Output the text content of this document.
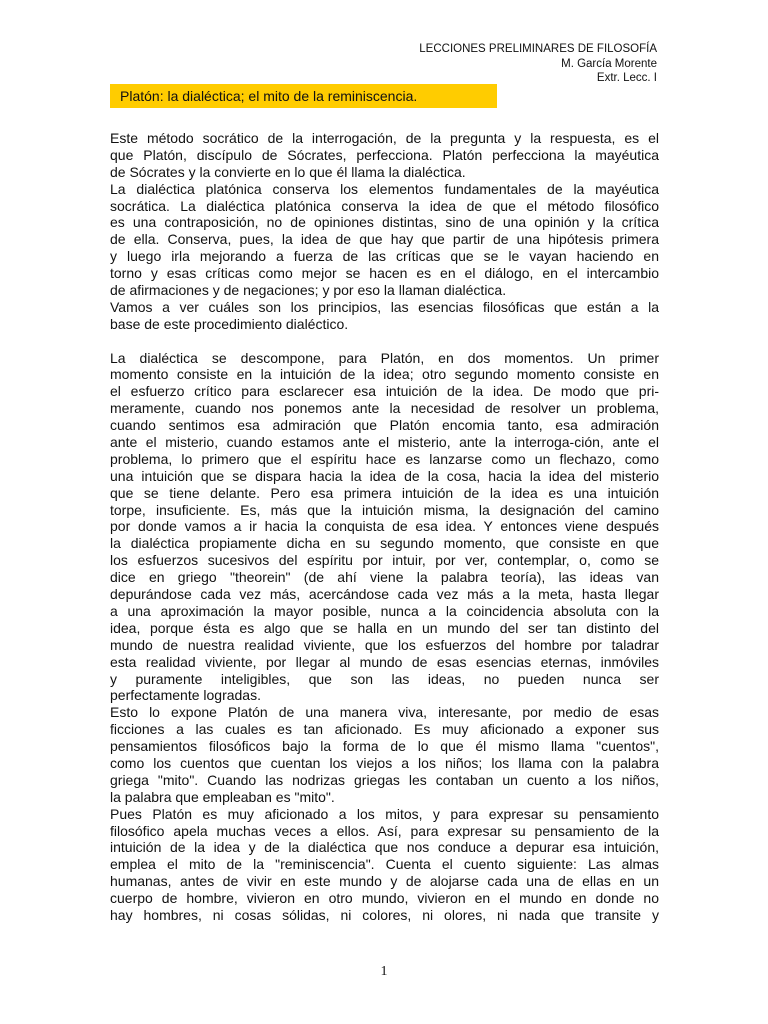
LECCIONES PRELIMINARES DE FILOSOFÍA
M. García Morente
Extr. Lecc. I
Platón: la dialéctica; el mito de la reminiscencia.
Este método socrático de la interrogación, de la pregunta y la respuesta, es el
que Platón, discípulo de Sócrates, perfecciona. Platón perfecciona la mayéutica
de Sócrates y la convierte en lo que él llama la dialéctica.
La dialéctica platónica conserva los elementos fundamentales de la mayéutica
socrática. La dialéctica platónica conserva la idea de que el método filosófico
es una contraposición, no de opiniones distintas, sino de una opinión y la crítica
de ella. Conserva, pues, la idea de que hay que partir de una hipótesis primera
y luego irla mejorando a fuerza de las críticas que se le vayan haciendo en
torno y esas críticas como mejor se hacen es en el diálogo, en el intercambio
de afirmaciones y de negaciones; y por eso la llaman dialéctica.
Vamos a ver cuáles son los principios, las esencias filosóficas que están a la
base de este procedimiento dialéctico.
La dialéctica se descompone, para Platón, en dos momentos. Un primer
momento consiste en la intuición de la idea; otro segundo momento consiste en
el esfuerzo crítico para esclarecer esa intuición de la idea. De modo que pri-
meramente, cuando nos ponemos ante la necesidad de resolver un problema,
cuando sentimos esa admiración que Platón encomia tanto, esa admiración
ante el misterio, cuando estamos ante el misterio, ante la interroga-ción, ante el
problema, lo primero que el espíritu hace es lanzarse como un flechazo, como
una intuición que se dispara hacia la idea de la cosa, hacia la idea del misterio
que se tiene delante. Pero esa primera intuición de la idea es una intuición
torpe, insuficiente. Es, más que la intuición misma, la designación del camino
por donde vamos a ir hacia la conquista de esa idea. Y entonces viene después
la dialéctica propiamente dicha en su segundo momento, que consiste en que
los esfuerzos sucesivos del espíritu por intuir, por ver, contemplar, o, como se
dice en griego "theorein" (de ahí viene la palabra teoría), las ideas van
depurándose cada vez más, acercándose cada vez más a la meta, hasta llegar
a una aproximación la mayor posible, nunca a la coincidencia absoluta con la
idea, porque ésta es algo que se halla en un mundo del ser tan distinto del
mundo de nuestra realidad viviente, que los esfuerzos del hombre por taladrar
esta realidad viviente, por llegar al mundo de esas esencias eternas, inmóviles
y puramente inteligibles, que son las ideas, no pueden nunca ser
perfectamente logradas.
Esto lo expone Platón de una manera viva, interesante, por medio de esas
ficciones a las cuales es tan aficionado. Es muy aficionado a exponer sus
pensamientos filosóficos bajo la forma de lo que él mismo llama "cuentos",
como los cuentos que cuentan los viejos a los niños; los llama con la palabra
griega "mito". Cuando las nodrizas griegas les contaban un cuento a los niños,
la palabra que empleaban es "mito".
Pues Platón es muy aficionado a los mitos, y para expresar su pensamiento
filosófico apela muchas veces a ellos. Así, para expresar su pensamiento de la
intuición de la idea y de la dialéctica que nos conduce a depurar esa intuición,
emplea el mito de la "reminiscencia". Cuenta el cuento siguiente: Las almas
humanas, antes de vivir en este mundo y de alojarse cada una de ellas en un
cuerpo de hombre, vivieron en otro mundo, vivieron en el mundo en donde no
hay hombres, ni cosas sólidas, ni colores, ni olores, ni nada que transite y
1
